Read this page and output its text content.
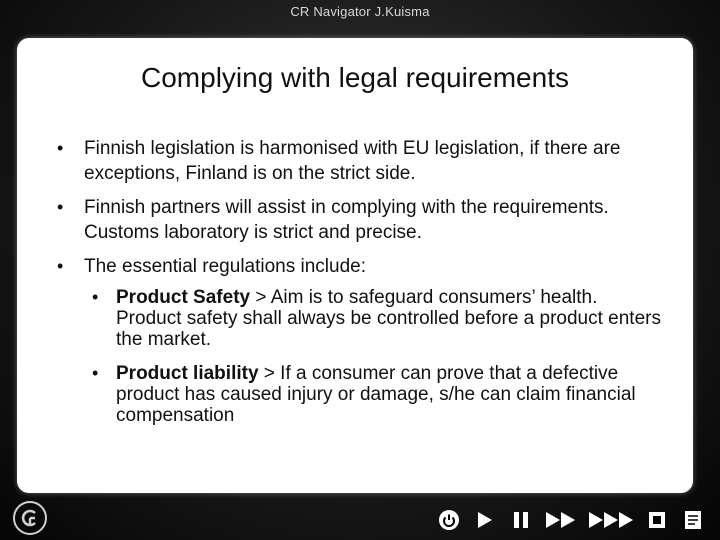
CR Navigator J.Kuisma
Complying with legal requirements
• Finnish legislation is harmonised with EU legislation, if there are exceptions, Finland is on the strict side.
• Finnish partners will assist in complying with the requirements. Customs laboratory is strict and precise.
• The essential regulations include:
• Product Safety > Aim is to safeguard consumers’ health. Product safety shall always be controlled before a product enters the market.
• Product liability > If a consumer can prove that a defective product has caused injury or damage, s/he can claim financial compensation
